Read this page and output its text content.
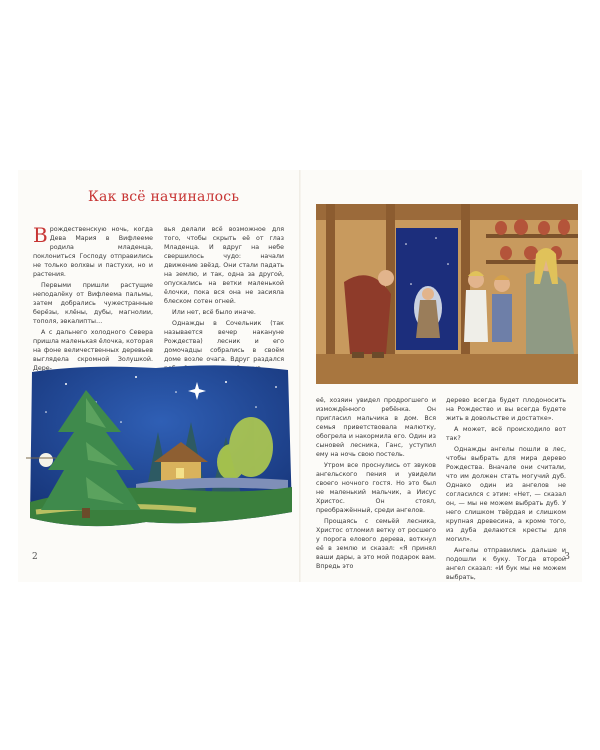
Как всё начиналось

Врождественскую ночь, когда Дева Мария в Вифлееме родила младенца, поклониться Господу отправились не только волхвы и пастухи, но и растения.

Первыми пришли растущие неподалёку от Вифлеема пальмы, затем добрались чужестранные берёзы, клёны, дубы, магнолии, тополя, эвкалипты…

А с дальнего холодного Севера пришла маленькая ёлочка, которая на фоне величественных деревьев выглядела скромной Золушкой. Дере-

вья делали всё возможное для того, чтобы скрыть её от глаз Младенца. И вдруг на небе свершилось чудо: начали движение звёзд. Они стали падать на землю, и так, одна за другой, опускались на ветки маленькой ёлочки, пока вся она не засияла блеском сотен огней.

Или нет, всё было иначе.

Однажды в Сочельник (так называется вечер накануне Рождества) лесник и его домочадцы собрались в своём доме возле очага. Вдруг раздался

2

её, хозяин увидел продрогшего и измождённого ребёнка. Он пригласил мальчика в дом. Вся семья приветствовала малютку, обогрела и накормила его. Один из сыновей лесника, Ганс, уступил ему на ночь свою постель.

Утром все проснулись от звуков ангельского пения и увидели своего ночного гостя. Но это был не маленький мальчик, а Иисус Христос. Он стоял, преображённый, среди ангелов.

Прощаясь с семьёй лесника, Христос отломил ветку от росшего у порога елового дерева, воткнул её в землю и сказал: «Я принял ваши дары, а это мой подарок вам. Впредь это

дерево всегда будет плодоносить на Рождество и вы всегда будете жить в довольстве и достатке».

А может, всё происходило вот так?

Однажды ангелы пошли в лес, чтобы выбрать для мира дерево Рождества. Вначале они считали, что им должен стать могучий дуб. Однако один из ангелов не согласился с этим: «Нет, — сказал он, — мы не можем выбрать дуб. У него слишком твёрдая и слишком крупная древесина, а кроме того, из дуба делаются кресты для могил».

Ангелы отправились дальше и подошли к буку. Тогда второй ангел сказал: «И бук мы не можем выбрать,

3
